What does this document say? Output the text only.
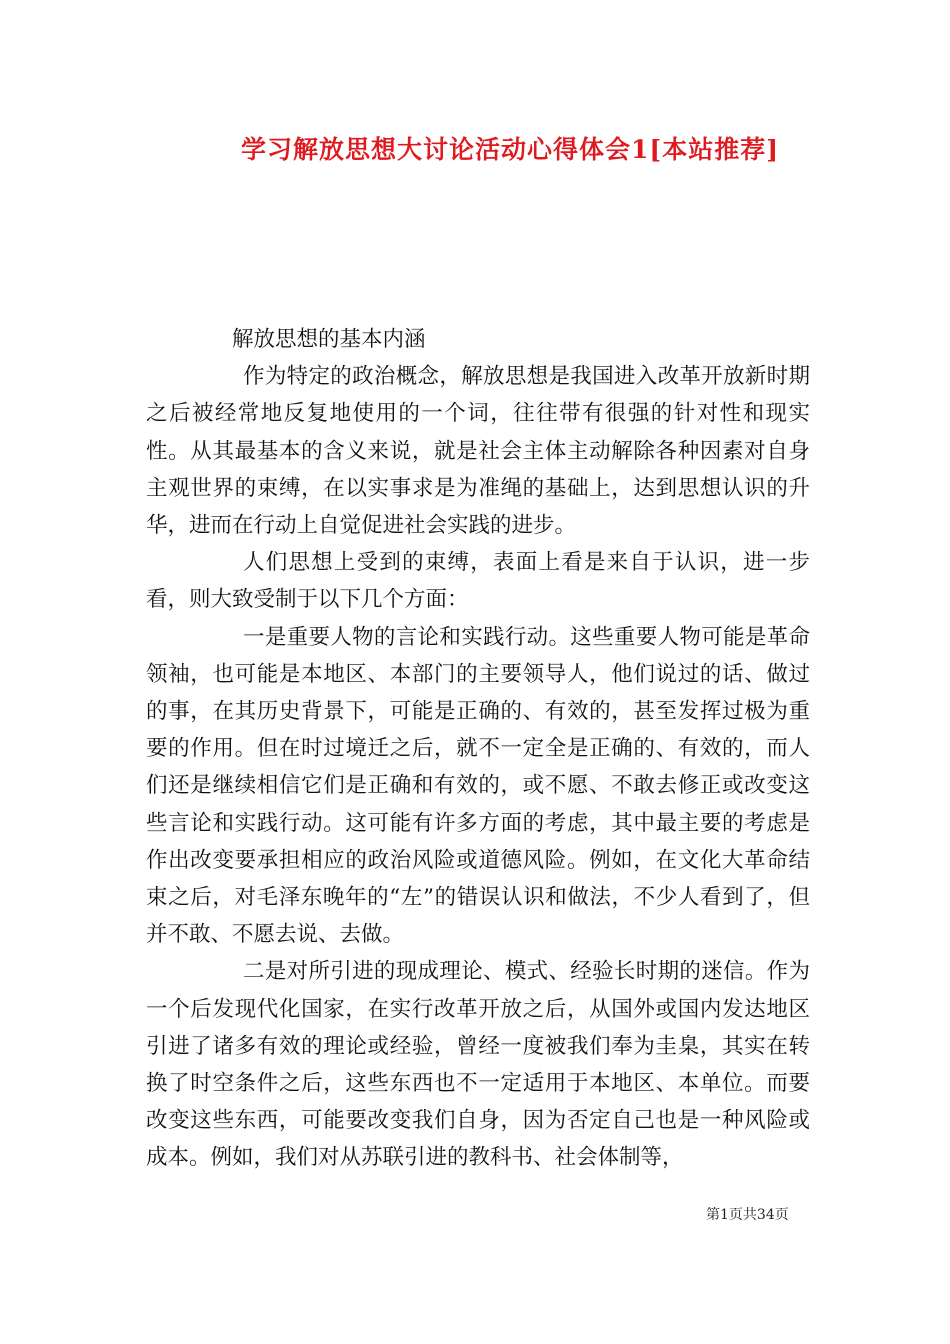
学习解放思想大讨论活动心得体会1[本站推荐]

解放思想的基本内涵

作为特定的政治概念，解放思想是我国进入改革开放新时期之后被经常地反复地使用的一个词，往往带有很强的针对性和现实性。从其最基本的含义来说，就是社会主体主动解除各种因素对自身主观世界的束缚，在以实事求是为准绳的基础上，达到思想认识的升华，进而在行动上自觉促进社会实践的进步。

人们思想上受到的束缚，表面上看是来自于认识，进一步看，则大致受制于以下几个方面：

一是重要人物的言论和实践行动。这些重要人物可能是革命领袖，也可能是本地区、本部门的主要领导人，他们说过的话、做过的事，在其历史背景下，可能是正确的、有效的，甚至发挥过极为重要的作用。但在时过境迁之后，就不一定全是正确的、有效的，而人们还是继续相信它们是正确和有效的，或不愿、不敢去修正或改变这些言论和实践行动。这可能有许多方面的考虑，其中最主要的考虑是作出改变要承担相应的政治风险或道德风险。例如，在文化大革命结束之后，对毛泽东晚年的“左”的错误认识和做法，不少人看到了，但并不敢、不愿去说、去做。

二是对所引进的现成理论、模式、经验长时期的迷信。作为一个后发现代化国家，在实行改革开放之后，从国外或国内发达地区引进了诸多有效的理论或经验，曾经一度被我们奉为圭臬，其实在转换了时空条件之后，这些东西也不一定适用于本地区、本单位。而要改变这些东西，可能要改变我们自身，因为否定自己也是一种风险或成本。例如，我们对从苏联引进的教科书、社会体制等，

第1页共34页
